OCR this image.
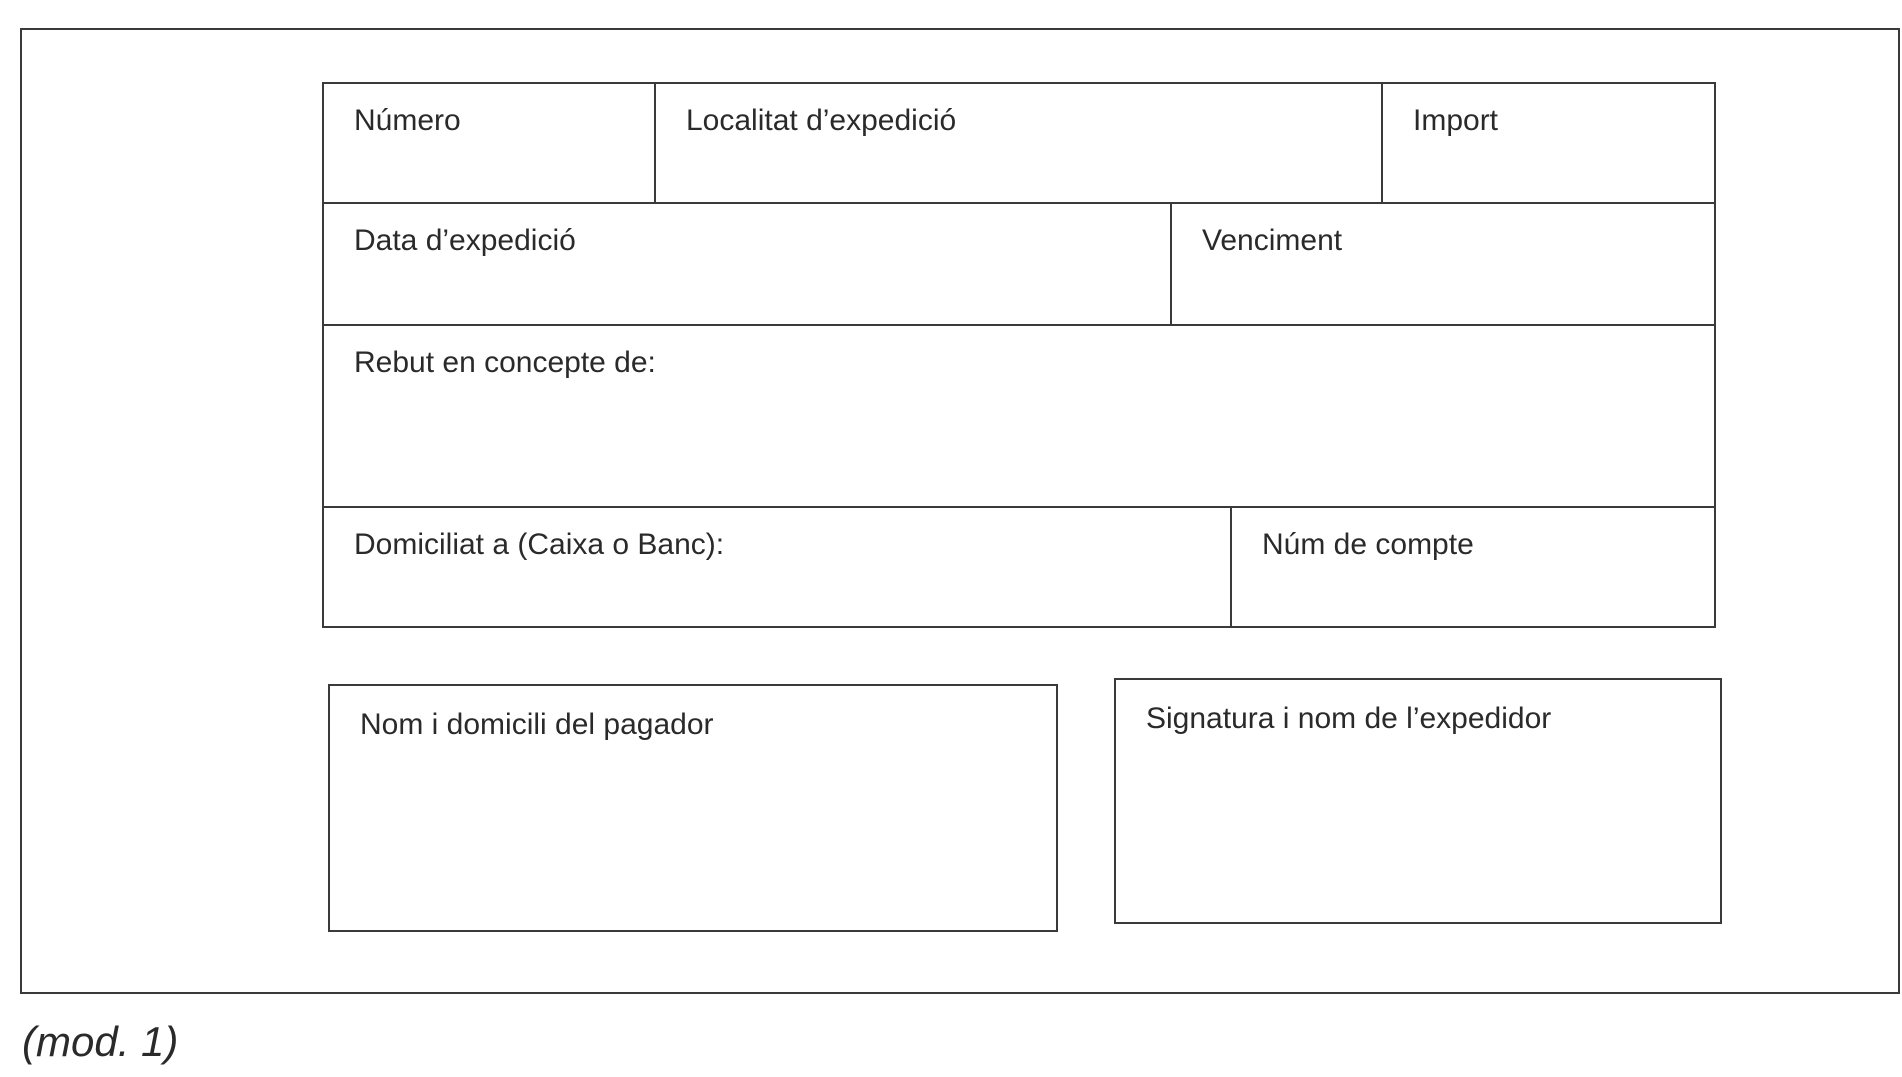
Número	Localitat d’expedició	Import
Data d’expedició	Venciment
Rebut en concepte de:
Domiciliat a (Caixa o Banc):	Núm de compte
Nom i domicili del pagador	Signatura i nom de l’expedidor
(mod. 1)
